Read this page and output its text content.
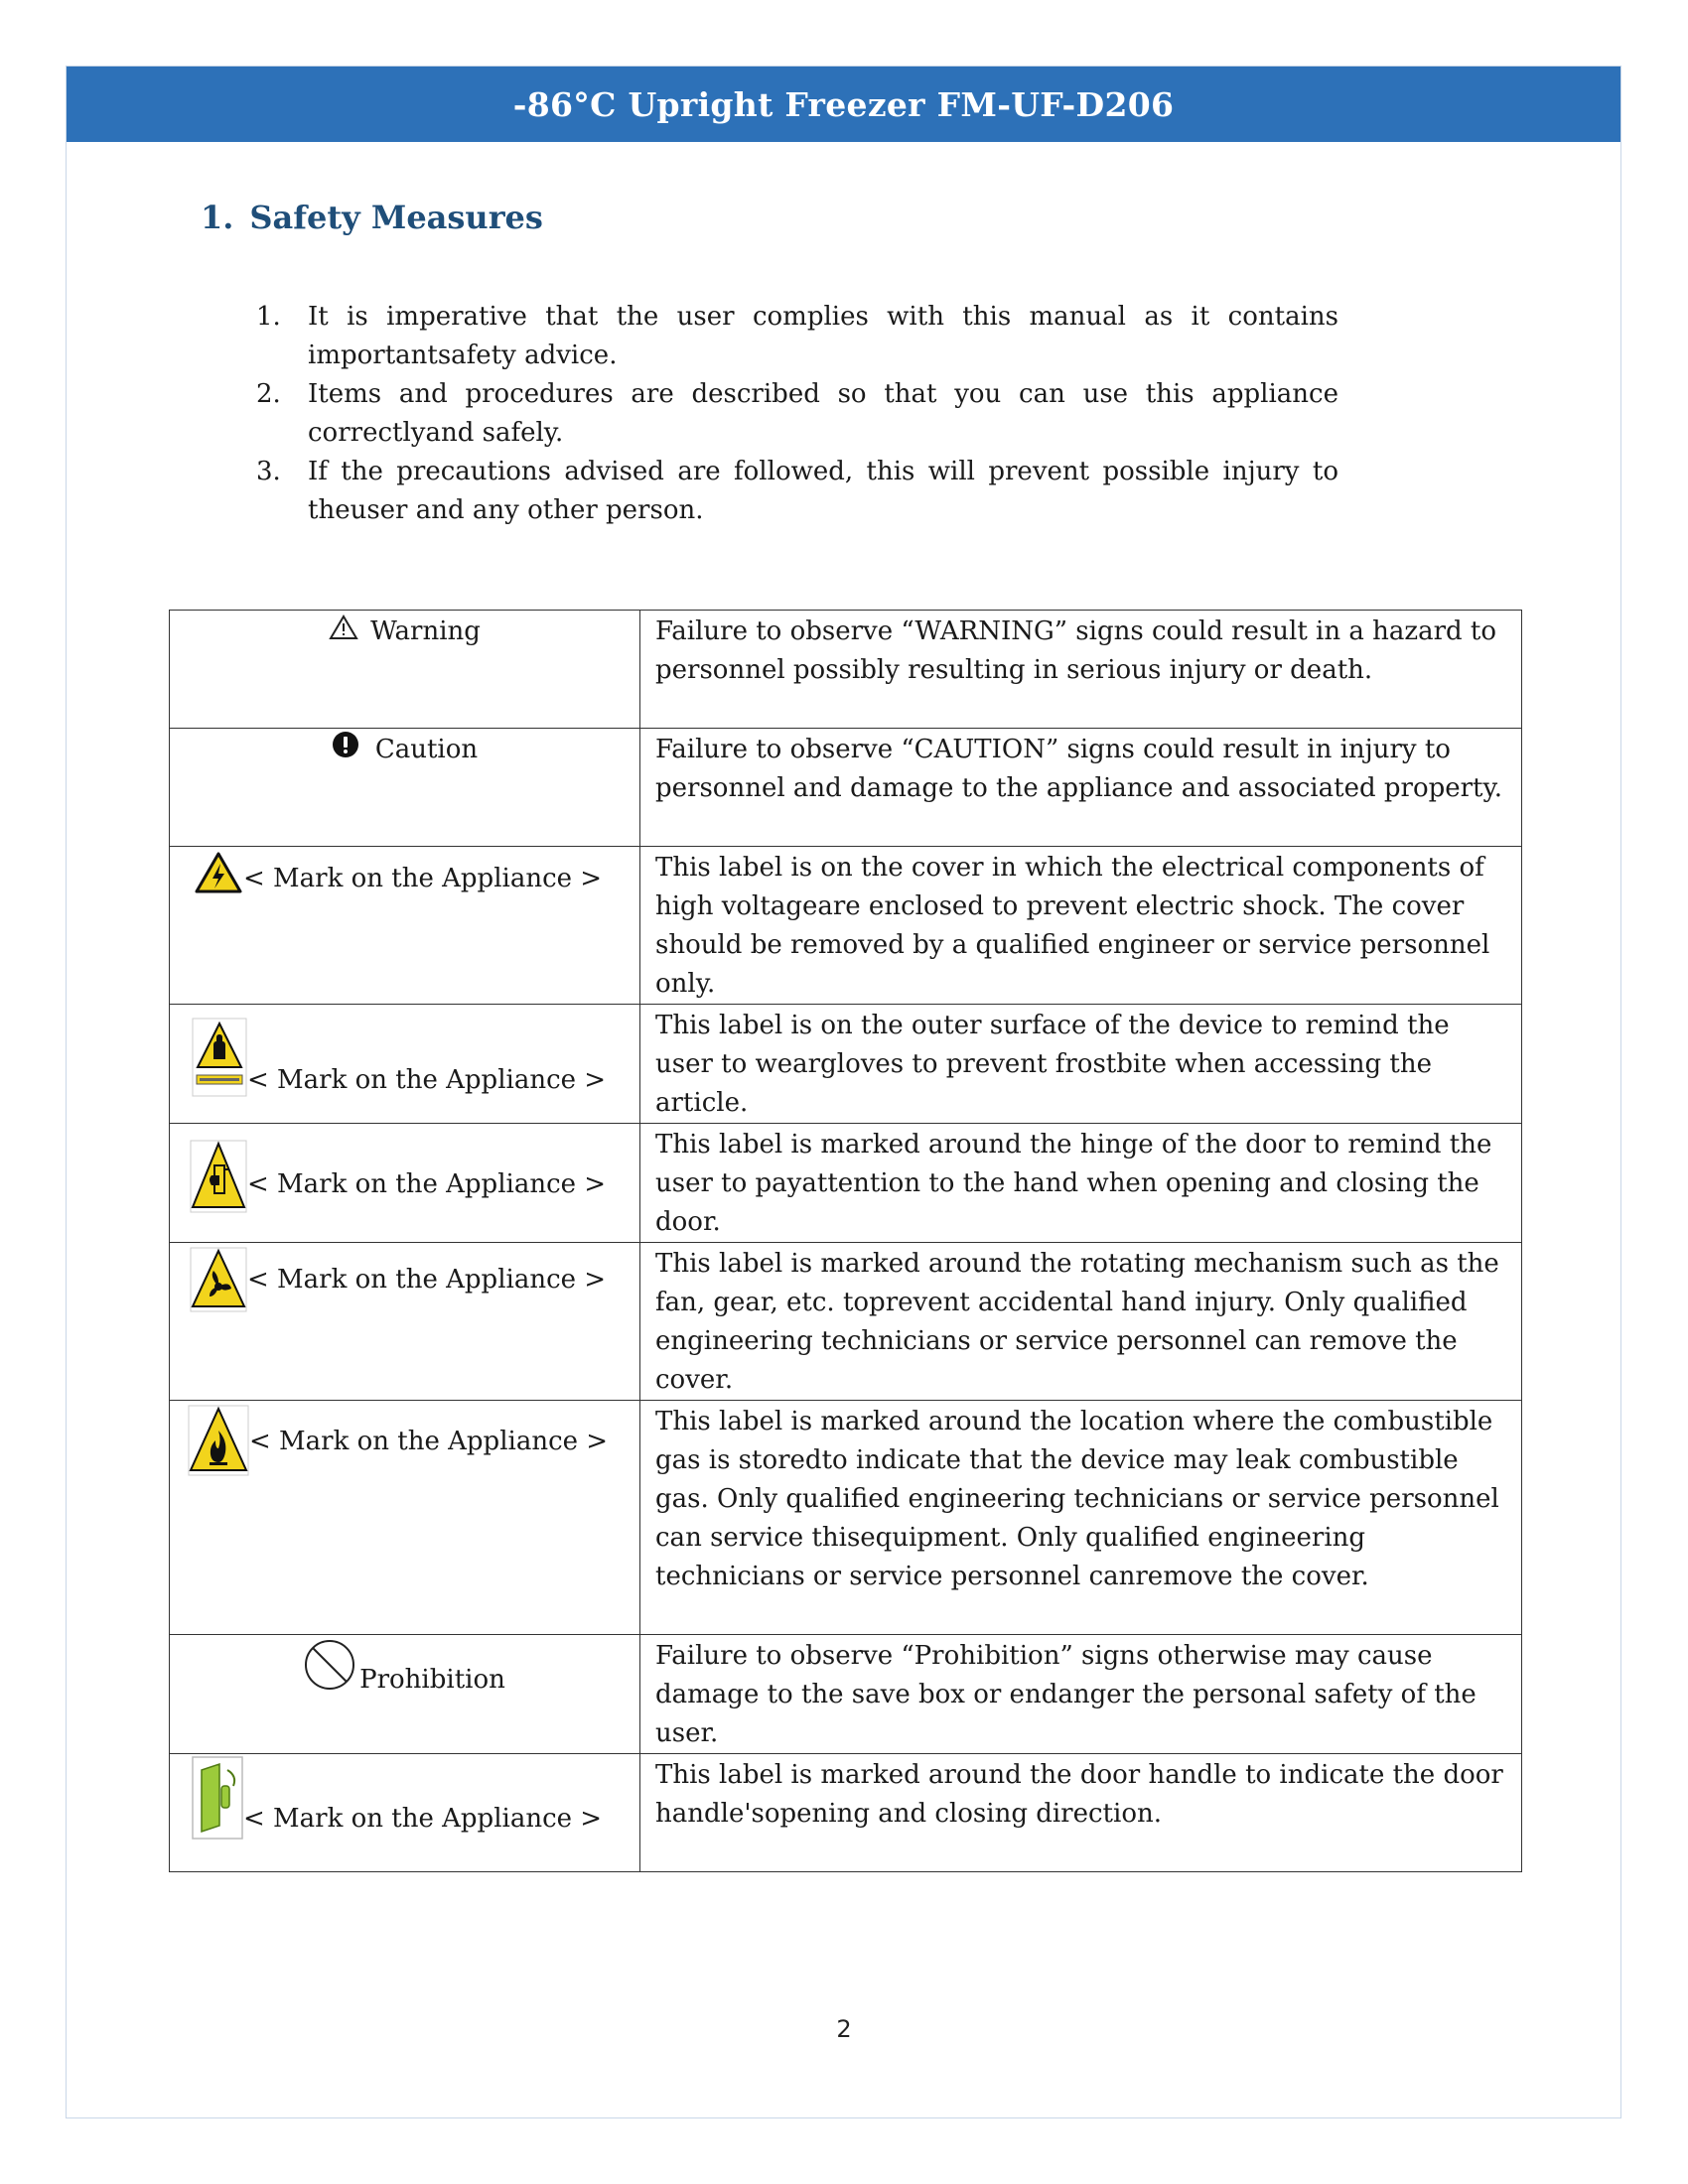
-86°C Upright Freezer FM-UF-D206
1. Safety Measures
1. It is imperative that the user complies with this manual as it contains importantsafety advice.
2. Items and procedures are described so that you can use this appliance correctlyand safely.
3. If the precautions advised are followed, this will prevent possible injury to theuser and any other person.
Warning	Failure to observe “WARNING” signs could result in a hazard to personnel possibly resulting in serious injury or death.

Caution	Failure to observe “CAUTION” signs could result in injury to personnel and damage to the appliance and associated property.

< Mark on the Appliance >	This label is on the cover in which the electrical components of high voltageare enclosed to prevent electric shock. The cover should be removed by a qualified engineer or service personnel only.

< Mark on the Appliance >	This label is on the outer surface of the device to remind the user to weargloves to prevent frostbite when accessing the article.

< Mark on the Appliance >	This label is marked around the hinge of the door to remind the user to payattention to the hand when opening and closing the door.

< Mark on the Appliance >	This label is marked around the rotating mechanism such as the fan, gear, etc. toprevent accidental hand injury. Only qualified engineering technicians or service personnel can remove the cover.

< Mark on the Appliance >	This label is marked around the location where the combustible gas is storedto indicate that the device may leak combustible gas. Only qualified engineering technicians or service personnel can service thisequipment. Only qualified engineering technicians or service personnel canremove the cover.

Prohibition	Failure to observe “Prohibition” signs otherwise may cause damage to the save box or endanger the personal safety of the user.

< Mark on the Appliance >	This label is marked around the door handle to indicate the door handle'sopening and closing direction.
2
